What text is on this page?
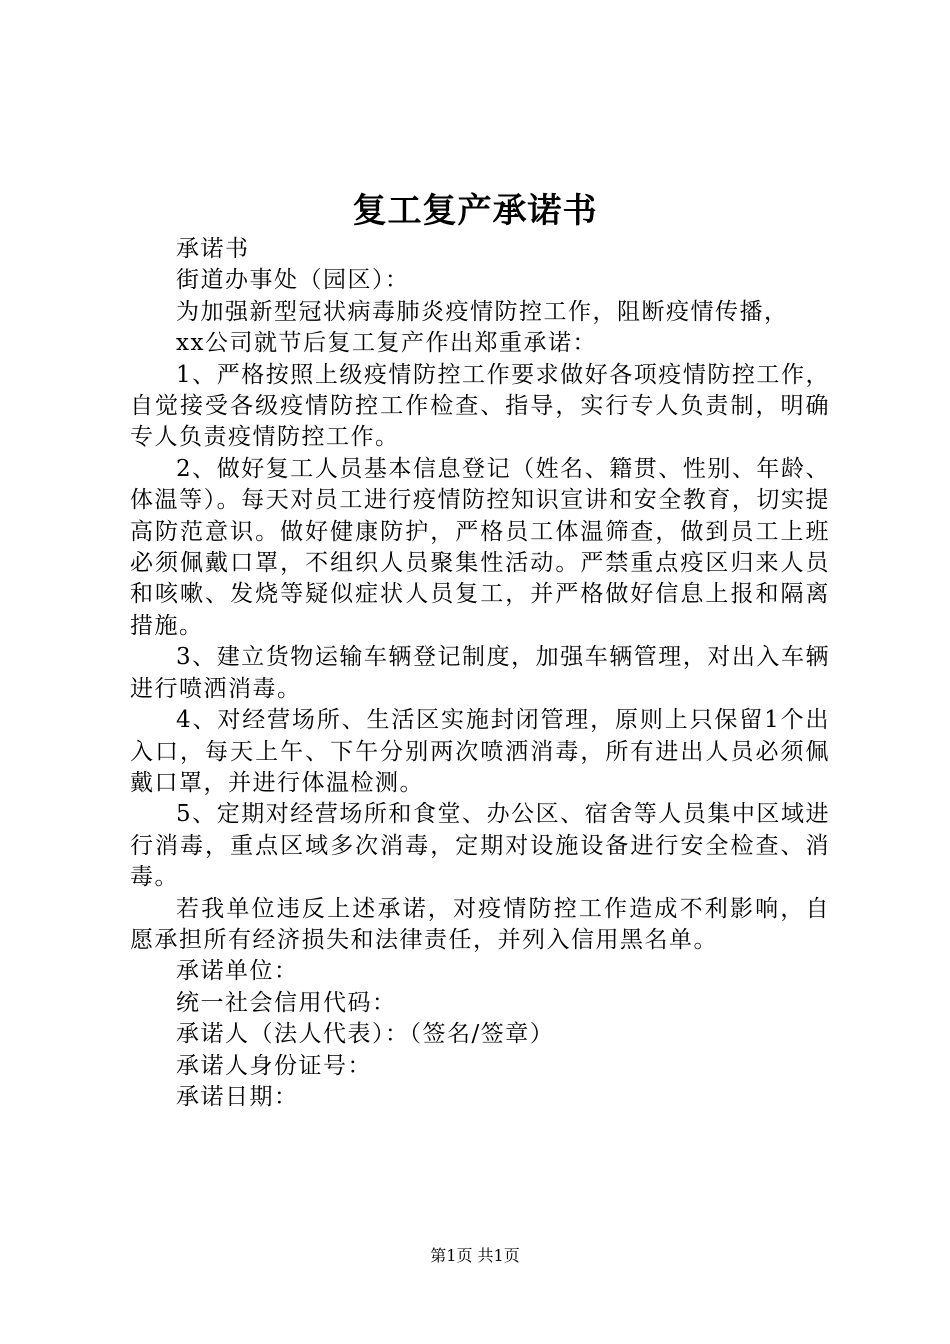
复工复产承诺书

承诺书

街道办事处（园区）：

为加强新型冠状病毒肺炎疫情防控工作，阻断疫情传播，

xx公司就节后复工复产作出郑重承诺：

1、严格按照上级疫情防控工作要求做好各项疫情防控工作，自觉接受各级疫情防控工作检查、指导，实行专人负责制，明确专人负责疫情防控工作。

2、做好复工人员基本信息登记（姓名、籍贯、性别、年龄、体温等）。每天对员工进行疫情防控知识宣讲和安全教育，切实提高防范意识。做好健康防护，严格员工体温筛查，做到员工上班必须佩戴口罩，不组织人员聚集性活动。严禁重点疫区归来人员和咳嗽、发烧等疑似症状人员复工，并严格做好信息上报和隔离措施。

3、建立货物运输车辆登记制度，加强车辆管理，对出入车辆进行喷洒消毒。

4、对经营场所、生活区实施封闭管理，原则上只保留1个出入口，每天上午、下午分别两次喷洒消毒，所有进出人员必须佩戴口罩，并进行体温检测。

5、定期对经营场所和食堂、办公区、宿舍等人员集中区域进行消毒，重点区域多次消毒，定期对设施设备进行安全检查、消毒。

若我单位违反上述承诺，对疫情防控工作造成不利影响，自愿承担所有经济损失和法律责任，并列入信用黑名单。

承诺单位：

统一社会信用代码：

承诺人（法人代表）：（签名/签章）

承诺人身份证号：

承诺日期：

第1页 共1页
